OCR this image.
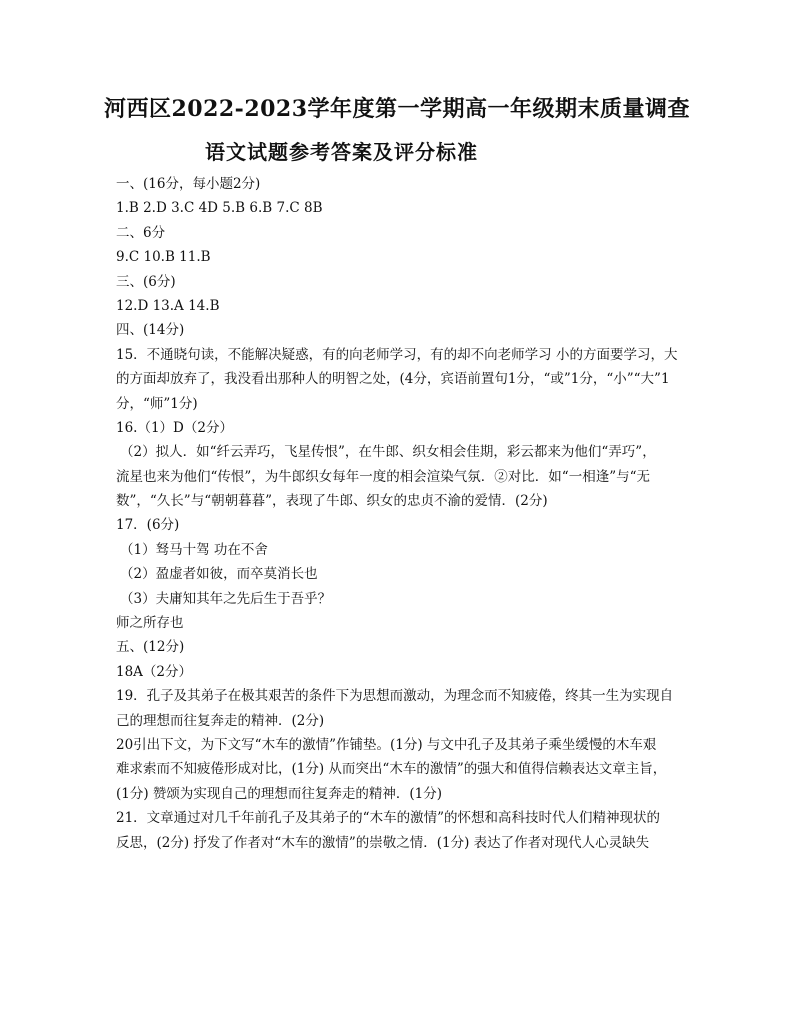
河西区2022-2023学年度第一学期高一年级期末质量调查
语文试题参考答案及评分标准
一、(16分，每小题2分)
1.B 2.D 3.C 4D 5.B 6.B 7.C 8B
二、6分
9.C 10.B 11.B
三、(6分)
12.D 13.A 14.B
四、(14分)
15．不通晓句读，不能解决疑惑，有的向老师学习，有的却不向老师学习 小的方面要学习，大
的方面却放弃了，我没看出那种人的明智之处，(4分，宾语前置句1分，“或”1分，“小”“大”1
分，“师”1分)
16.（1）D（2分）
（2）拟人．如“纤云弄巧，飞星传恨”，在牛郎、织女相会佳期，彩云都来为他们“弄巧”，
流星也来为他们“传恨”，为牛郎织女每年一度的相会渲染气氛．②对比．如“一相逢”与“无
数”，“久长”与“朝朝暮暮”，表现了牛郎、织女的忠贞不渝的爱情．(2分)
17．(6分)
（1）驽马十驾 功在不舍
（2）盈虚者如彼，而卒莫消长也
（3）夫庸知其年之先后生于吾乎？
师之所存也
五、(12分)
18A（2分）
19．孔子及其弟子在极其艰苦的条件下为思想而激动，为理念而不知疲倦，终其一生为实现自
己的理想而往复奔走的精神．(2分)
20引出下文，为下文写“木车的激情”作铺垫。(1分) 与文中孔子及其弟子乘坐缓慢的木车艰
难求索而不知疲倦形成对比，(1分) 从而突出“木车的激情”的强大和值得信赖表达文章主旨，
(1分) 赞颂为实现自己的理想而往复奔走的精神．(1分)
21．文章通过对几千年前孔子及其弟子的“木车的激情”的怀想和高科技时代人们精神现状的
反思，(2分) 抒发了作者对“木车的激情”的崇敬之情．(1分) 表达了作者对现代人心灵缺失
